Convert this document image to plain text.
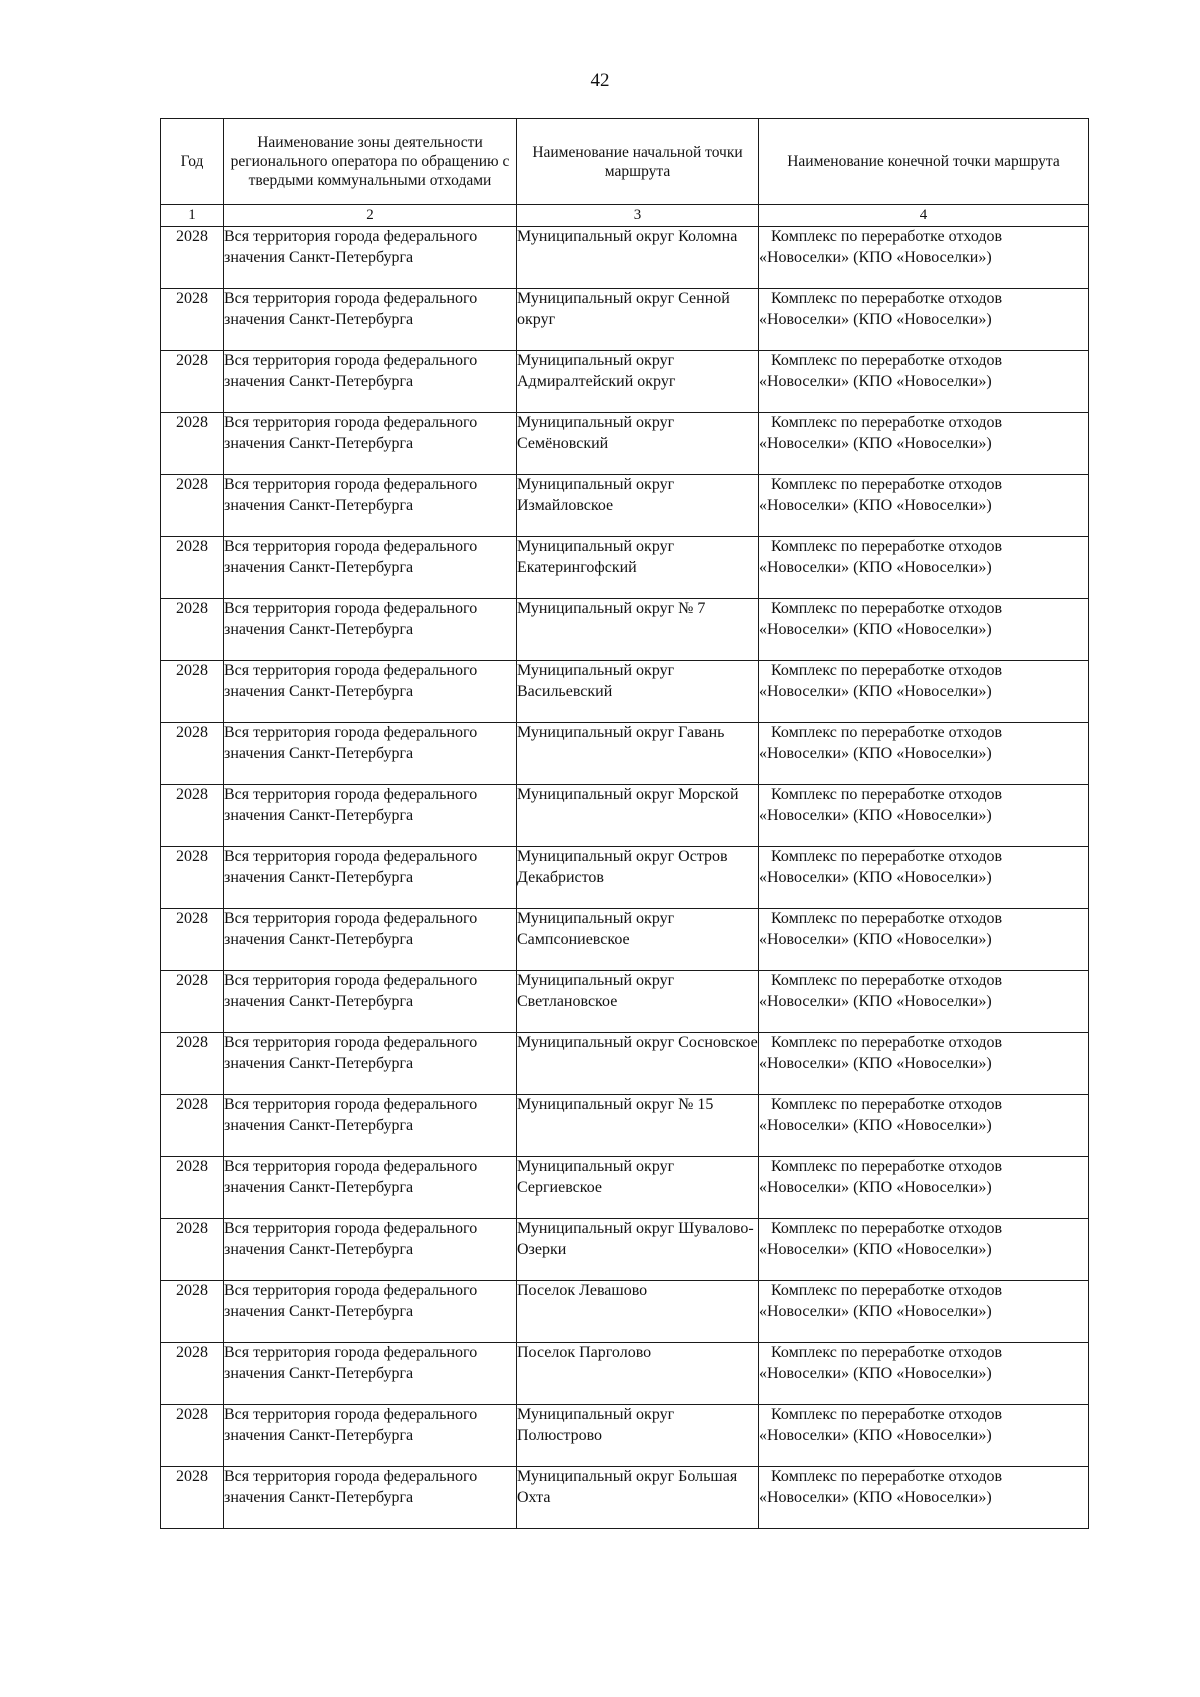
42
Год	Наименование зоны деятельности регионального оператора по обращению с твердыми коммунальными отходами	Наименование начальной точки маршрута	Наименование конечной точки маршрута
1	2	3	4
2028	Вся территория города федерального значения Санкт-Петербурга	Муниципальный округ Коломна	Комплекс по переработке отходов «Новоселки» (КПО «Новоселки»)
2028	Вся территория города федерального значения Санкт-Петербурга	Муниципальный округ Сенной округ	Комплекс по переработке отходов «Новоселки» (КПО «Новоселки»)
2028	Вся территория города федерального значения Санкт-Петербурга	Муниципальный округ Адмиралтейский округ	Комплекс по переработке отходов «Новоселки» (КПО «Новоселки»)
2028	Вся территория города федерального значения Санкт-Петербурга	Муниципальный округ Семёновский	Комплекс по переработке отходов «Новоселки» (КПО «Новоселки»)
2028	Вся территория города федерального значения Санкт-Петербурга	Муниципальный округ Измайловское	Комплекс по переработке отходов «Новоселки» (КПО «Новоселки»)
2028	Вся территория города федерального значения Санкт-Петербурга	Муниципальный округ Екатерингофский	Комплекс по переработке отходов «Новоселки» (КПО «Новоселки»)
2028	Вся территория города федерального значения Санкт-Петербурга	Муниципальный округ № 7	Комплекс по переработке отходов «Новоселки» (КПО «Новоселки»)
2028	Вся территория города федерального значения Санкт-Петербурга	Муниципальный округ Васильевский	Комплекс по переработке отходов «Новоселки» (КПО «Новоселки»)
2028	Вся территория города федерального значения Санкт-Петербурга	Муниципальный округ Гавань	Комплекс по переработке отходов «Новоселки» (КПО «Новоселки»)
2028	Вся территория города федерального значения Санкт-Петербурга	Муниципальный округ Морской	Комплекс по переработке отходов «Новоселки» (КПО «Новоселки»)
2028	Вся территория города федерального значения Санкт-Петербурга	Муниципальный округ Остров Декабристов	Комплекс по переработке отходов «Новоселки» (КПО «Новоселки»)
2028	Вся территория города федерального значения Санкт-Петербурга	Муниципальный округ Сампсониевское	Комплекс по переработке отходов «Новоселки» (КПО «Новоселки»)
2028	Вся территория города федерального значения Санкт-Петербурга	Муниципальный округ Светлановское	Комплекс по переработке отходов «Новоселки» (КПО «Новоселки»)
2028	Вся территория города федерального значения Санкт-Петербурга	Муниципальный округ Сосновское	Комплекс по переработке отходов «Новоселки» (КПО «Новоселки»)
2028	Вся территория города федерального значения Санкт-Петербурга	Муниципальный округ № 15	Комплекс по переработке отходов «Новоселки» (КПО «Новоселки»)
2028	Вся территория города федерального значения Санкт-Петербурга	Муниципальный округ Сергиевское	Комплекс по переработке отходов «Новоселки» (КПО «Новоселки»)
2028	Вся территория города федерального значения Санкт-Петербурга	Муниципальный округ Шувалово-Озерки	Комплекс по переработке отходов «Новоселки» (КПО «Новоселки»)
2028	Вся территория города федерального значения Санкт-Петербурга	Поселок Левашово	Комплекс по переработке отходов «Новоселки» (КПО «Новоселки»)
2028	Вся территория города федерального значения Санкт-Петербурга	Поселок Парголово	Комплекс по переработке отходов «Новоселки» (КПО «Новоселки»)
2028	Вся территория города федерального значения Санкт-Петербурга	Муниципальный округ Полюстрово	Комплекс по переработке отходов «Новоселки» (КПО «Новоселки»)
2028	Вся территория города федерального значения Санкт-Петербурга	Муниципальный округ Большая Охта	Комплекс по переработке отходов «Новоселки» (КПО «Новоселки»)
